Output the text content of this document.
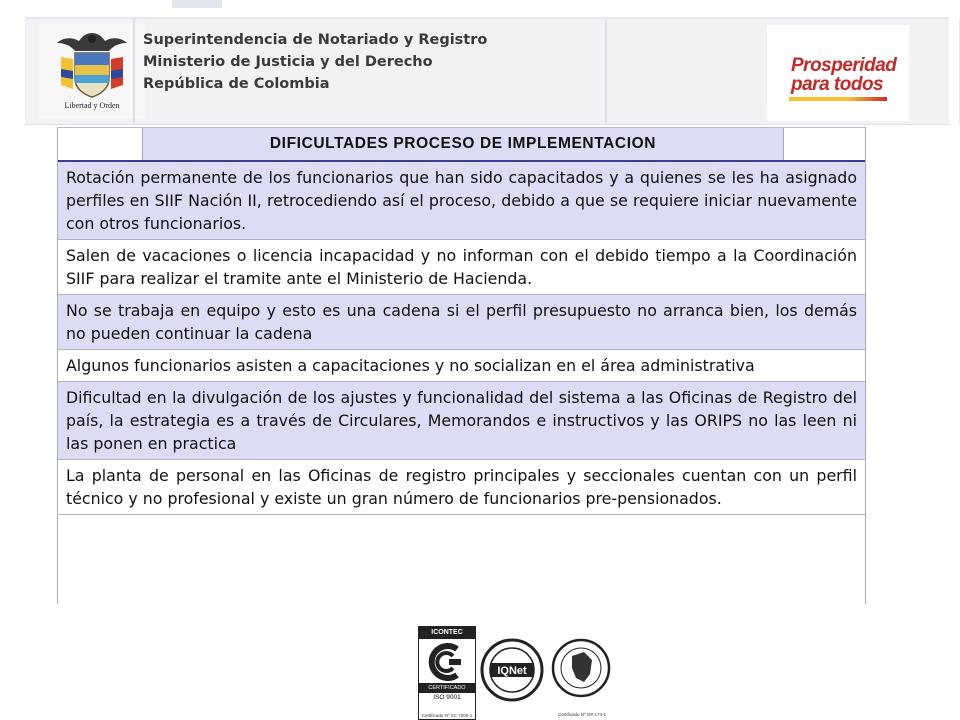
Libertad y Orden
Superintendencia de Notariado y Registro
Ministerio de Justicia y del Derecho
República de Colombia
Prosperidad
para todos
DIFICULTADES PROCESO DE IMPLEMENTACION
Rotación permanente de los funcionarios que han sido capacitados y a quienes se les ha asignado perfiles en SIIF Nación II, retrocediendo así el proceso, debido a que se requiere iniciar nuevamente con otros funcionarios.
Salen de vacaciones o licencia incapacidad y no informan con el debido tiempo a la Coordinación SIIF para realizar el tramite ante el Ministerio de Hacienda.
No se trabaja en equipo y esto es una cadena si el perfil presupuesto no arranca bien, los demás no pueden continuar la cadena
Algunos funcionarios asisten a capacitaciones y no socializan en el área administrativa
Dificultad en la divulgación de los ajustes y funcionalidad del sistema a las Oficinas de Registro del país, la estrategia es a través de Circulares, Memorandos e instructivos y las ORIPS no las leen ni las ponen en practica
La planta de personal en las Oficinas de registro principales y seccionales cuentan con un perfil técnico y no profesional y existe un gran número de funcionarios pre-pensionados.
ICONTEC
CERTIFICADO
ISO 9001
Certificado Nº SC 7200-1
IQNet
Certificado Nº GP 174-1
